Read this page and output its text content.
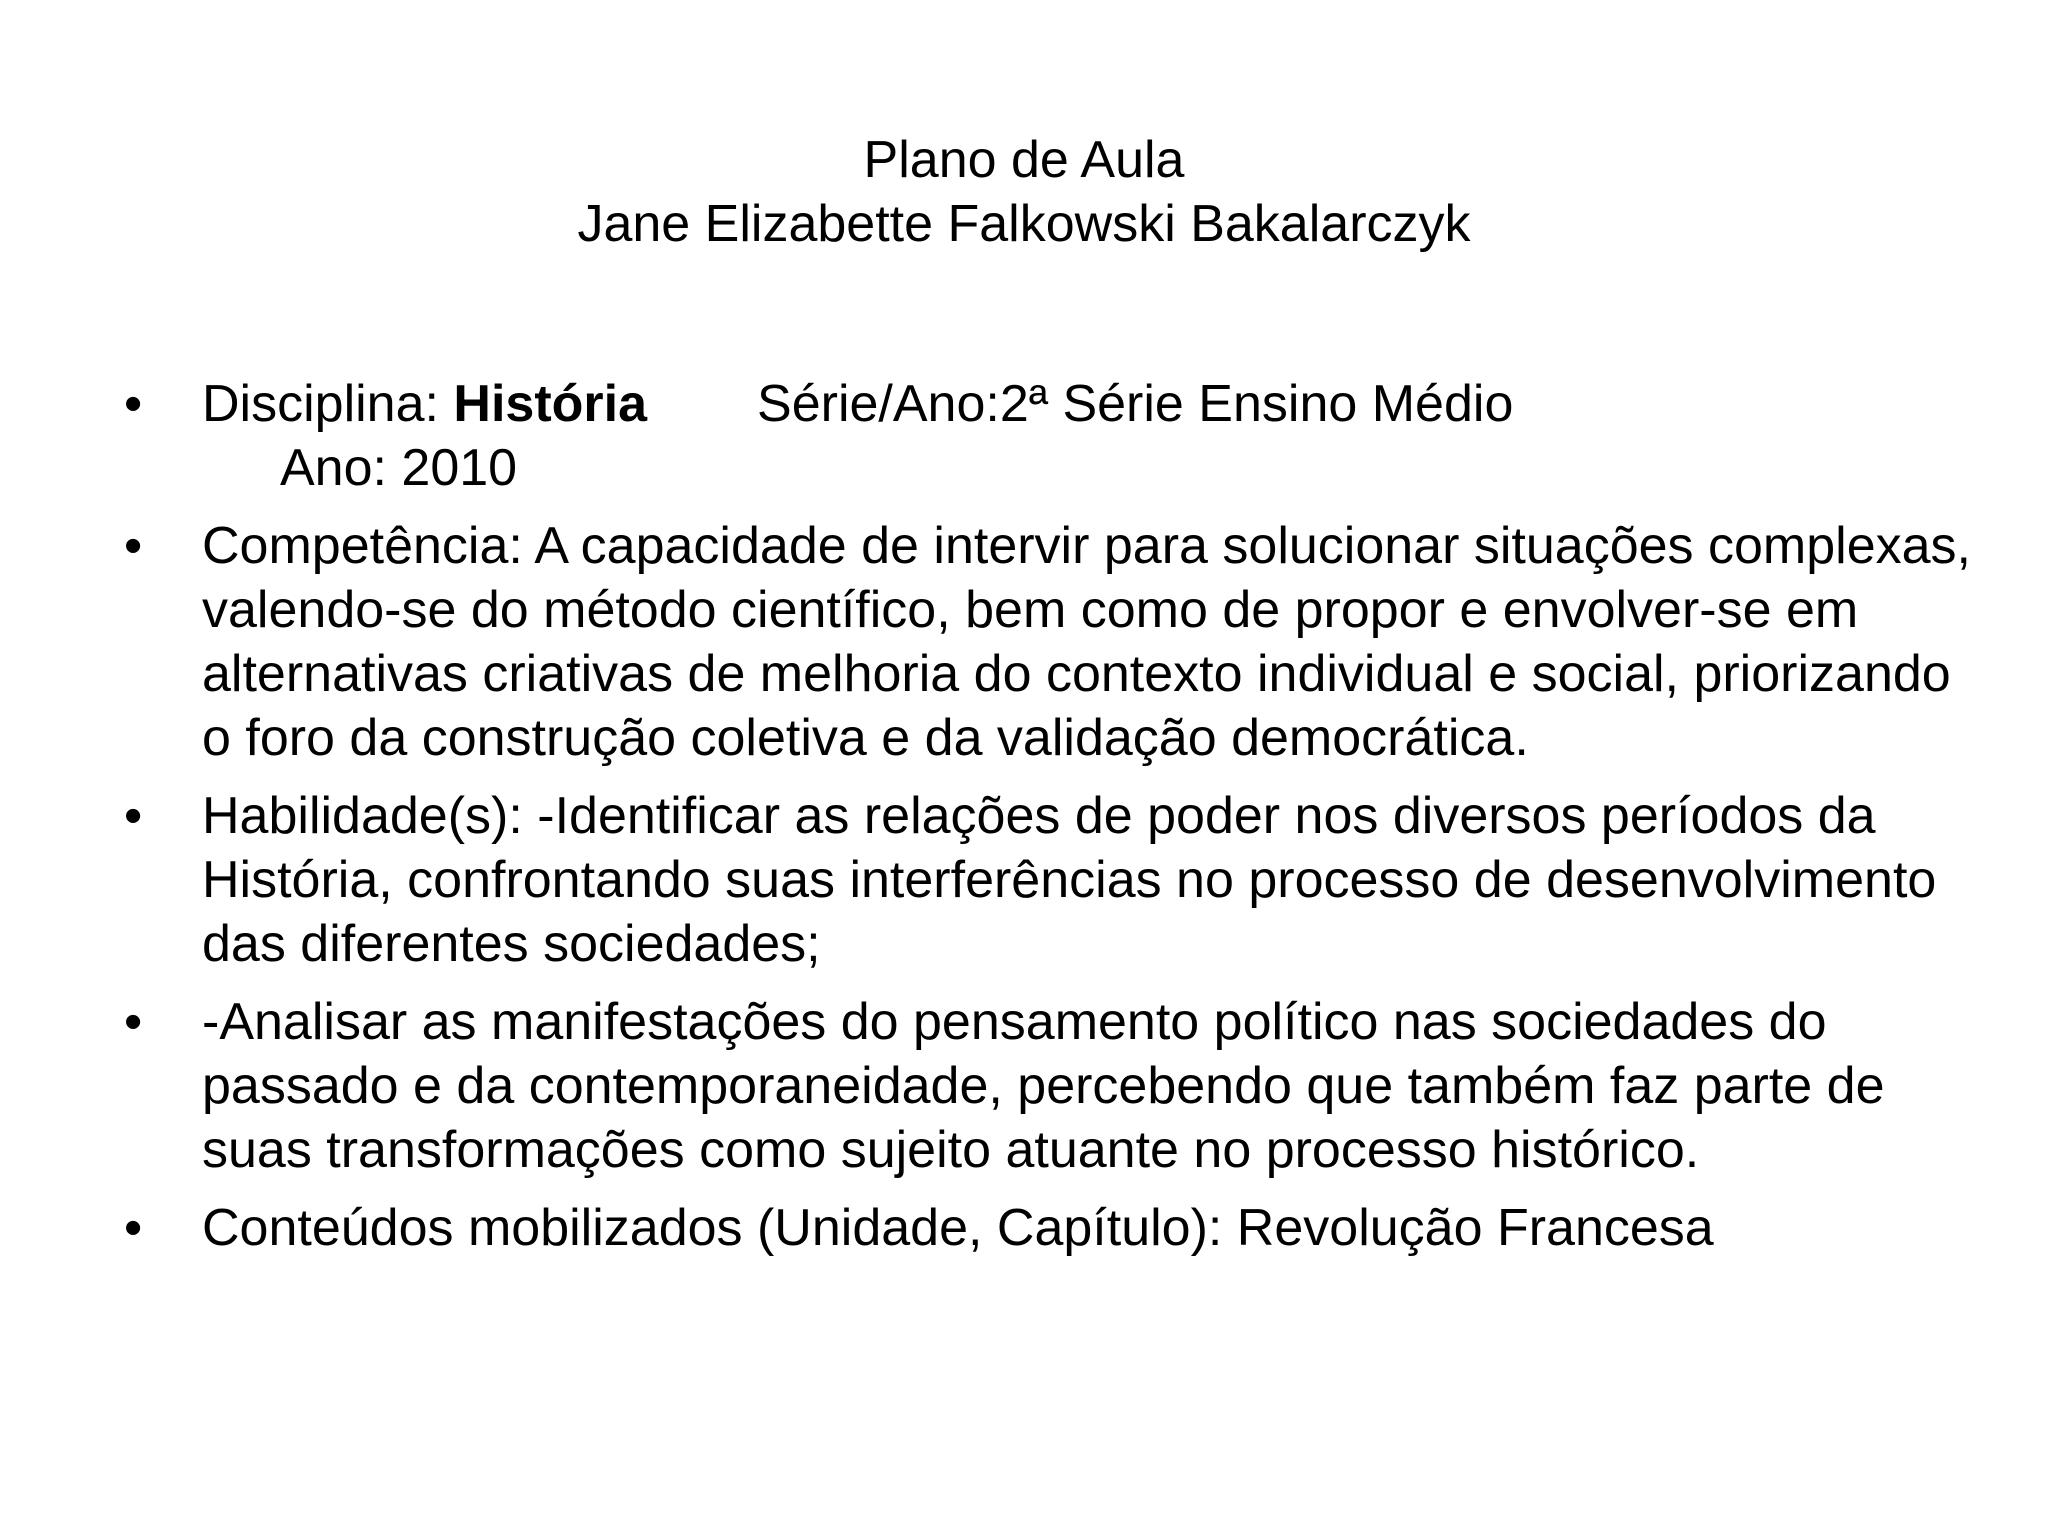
Plano de Aula
Jane Elizabette Falkowski Bakalarczyk
•	Disciplina: História Série/Ano:2ª Série Ensino Médio
Ano: 2010
•	Competência: A capacidade de intervir para solucionar situações complexas, valendo-se do método científico, bem como de propor e envolver-se em alternativas criativas de melhoria do contexto individual e social, priorizando o foro da construção coletiva e da validação democrática.
•	Habilidade(s): -Identificar as relações de poder nos diversos períodos da História, confrontando suas interferências no processo de desenvolvimento das diferentes sociedades;
•	-Analisar as manifestações do pensamento político nas sociedades do passado e da contemporaneidade, percebendo que também faz parte de suas transformações como sujeito atuante no processo histórico.
•	Conteúdos mobilizados (Unidade, Capítulo): Revolução Francesa
